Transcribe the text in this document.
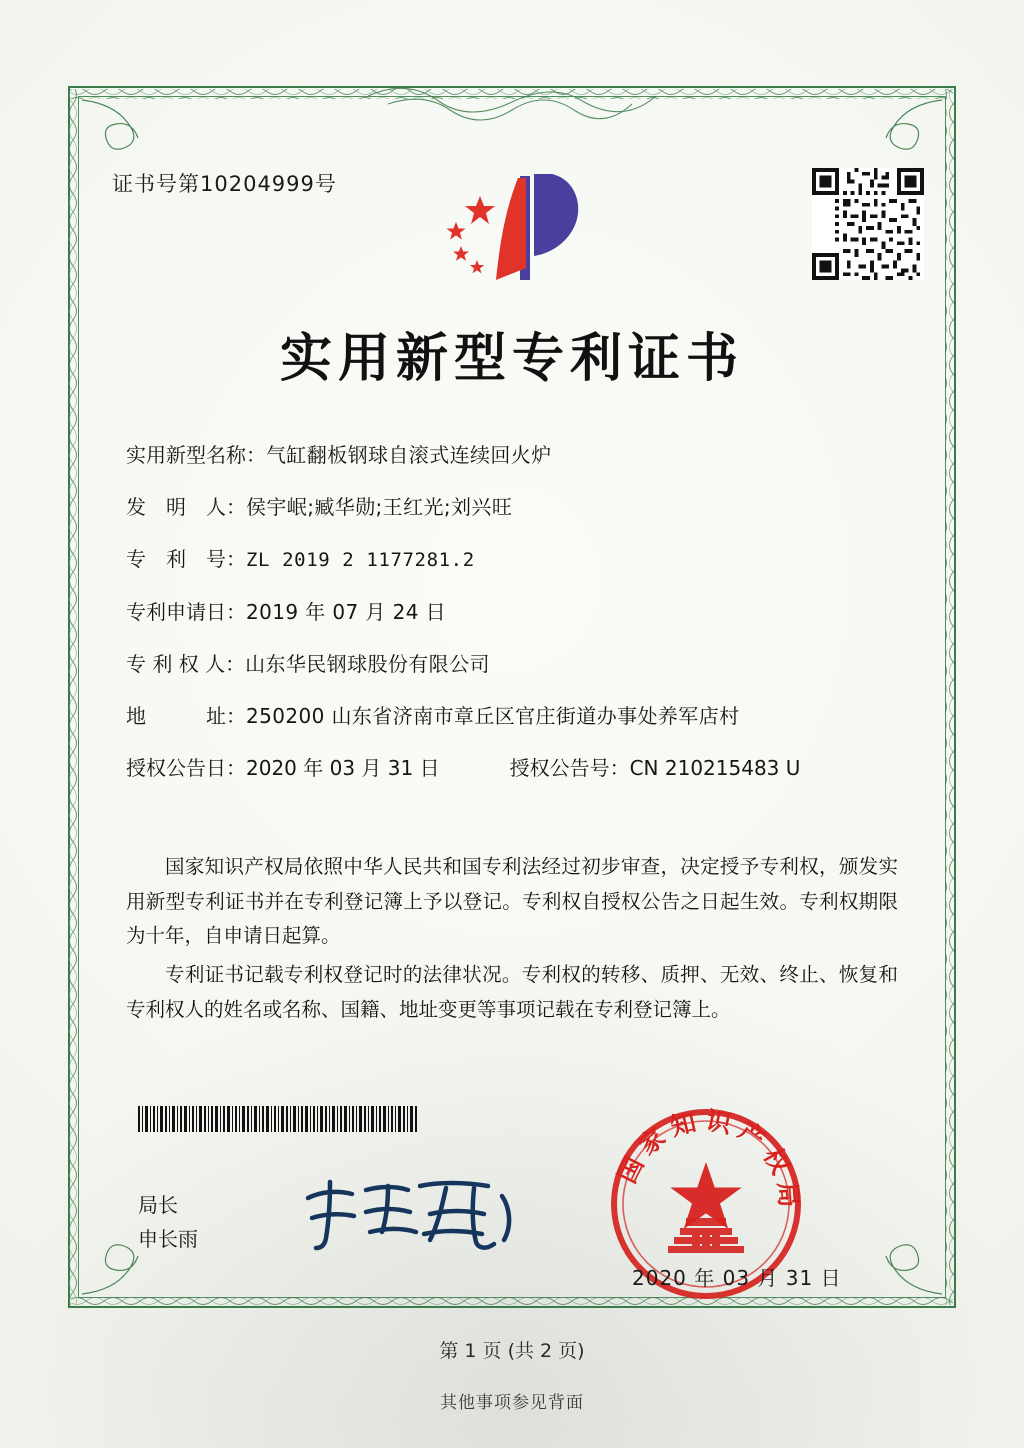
证书号第10204999号
实用新型专利证书
实用新型名称： 气缸翻板钢球自滚式连续回火炉
发　明　人： 侯宇岷;臧华勋;王红光;刘兴旺
专　利　号： ZL 2019 2 1177281.2
专利申请日： 2019 年 07 月 24 日
专 利 权 人： 山东华民钢球股份有限公司
地　　　址： 250200 山东省济南市章丘区官庄街道办事处养军店村
授权公告日： 2020 年 03 月 31 日	授权公告号： CN 210215483 U

国家知识产权局依照中华人民共和国专利法经过初步审查，决定授予专利权，颁发实用新型专利证书并在专利登记簿上予以登记。专利权自授权公告之日起生效。专利权期限为十年，自申请日起算。

专利证书记载专利权登记时的法律状况。专利权的转移、质押、无效、终止、恢复和专利权人的姓名或名称、国籍、地址变更等事项记载在专利登记簿上。

局长
申长雨
国家知识产权局
2020 年 03 月 31 日
第 1 页 (共 2 页)
其他事项参见背面
